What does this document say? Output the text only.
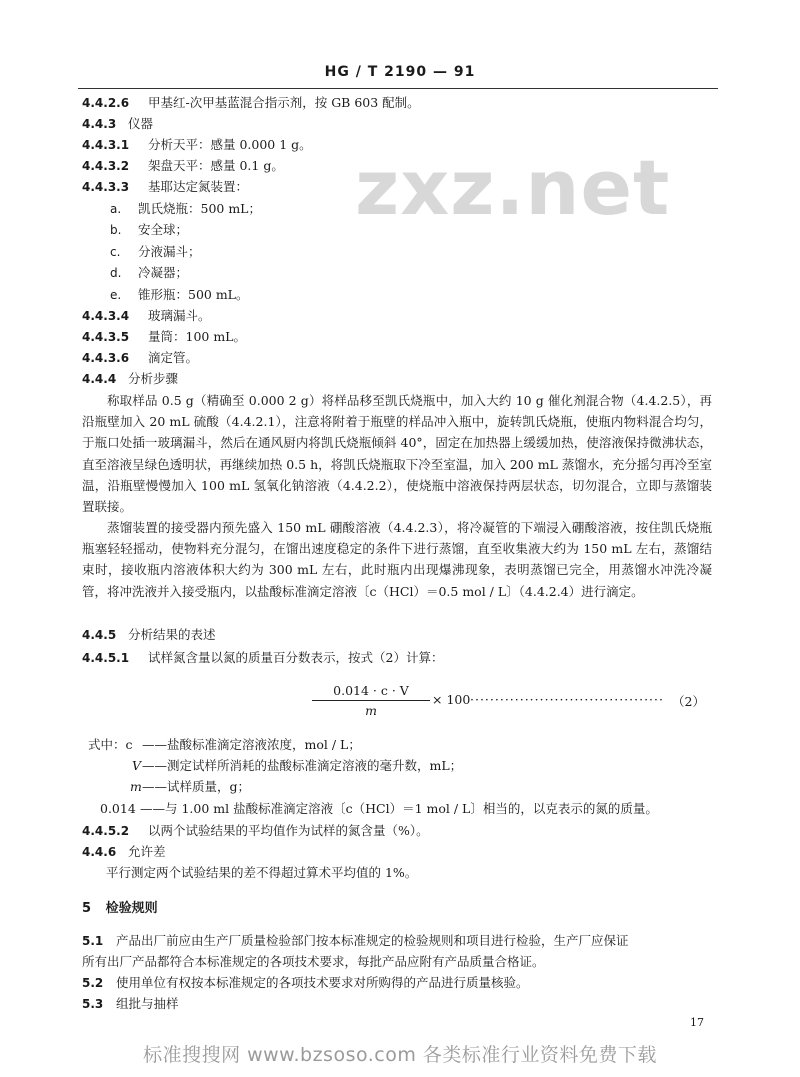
zxz.net
HG / T 2190 — 91
4.4.2.6 甲基红-次甲基蓝混合指示剂，按 GB 603 配制。
4.4.3 仪器
4.4.3.1 分析天平：感量 0.000 1 g。
4.4.3.2 架盘天平：感量 0.1 g。
4.4.3.3 基耶达定氮装置：
a. 凯氏烧瓶：500 mL；
b. 安全球；
c. 分液漏斗；
d. 冷凝器；
e. 锥形瓶：500 mL。
4.4.3.4 玻璃漏斗。
4.4.3.5 量筒：100 mL。
4.4.3.6 滴定管。
4.4.4 分析步骤
称取样品 0.5 g（精确至 0.000 2 g）将样品移至凯氏烧瓶中，加入大约 10 g 催化剂混合物（4.4.2.5），再沿瓶壁加入 20 mL 硫酸（4.4.2.1），注意将附着于瓶壁的样品冲入瓶中，旋转凯氏烧瓶，使瓶内物料混合均匀，于瓶口处插一玻璃漏斗，然后在通风厨内将凯氏烧瓶倾斜 40°，固定在加热器上缓缓加热，使溶液保持微沸状态，直至溶液呈绿色透明状，再继续加热 0.5 h，将凯氏烧瓶取下冷至室温，加入 200 mL 蒸馏水，充分摇匀再冷至室温，沿瓶壁慢慢加入 100 mL 氢氧化钠溶液（4.4.2.2），使烧瓶中溶液保持两层状态，切勿混合，立即与蒸馏装置联接。
蒸馏装置的接受器内预先盛入 150 mL 硼酸溶液（4.4.2.3），将冷凝管的下端浸入硼酸溶液，按住凯氏烧瓶瓶塞轻轻摇动，使物料充分混匀，在馏出速度稳定的条件下进行蒸馏，直至收集液大约为 150 mL 左右，蒸馏结束时，接收瓶内溶液体积大约为 300 mL 左右，此时瓶内出现爆沸现象，表明蒸馏已完全，用蒸馏水冲洗冷凝管，将冲洗液并入接受瓶内，以盐酸标准滴定溶液〔c（HCl）＝0.5 mol / L〕（4.4.2.4）进行滴定。
4.4.5 分析结果的表述
4.4.5.1 试样氮含量以氮的质量百分数表示，按式（2）计算：
$\frac{0.014 \cdot c \cdot V}{m} \times 100$ ······································· （2）
式中：c ——盐酸标准滴定溶液浓度，mol / L；
V ——测定试样所消耗的盐酸标准滴定溶液的毫升数，mL；
m ——试样质量，g；
0.014 ——与 1.00 ml 盐酸标准滴定溶液〔c（HCl）＝1 mol / L〕相当的，以克表示的氮的质量。
4.4.5.2 以两个试验结果的平均值作为试样的氮含量（%）。
4.4.6 允许差
平行测定两个试验结果的差不得超过算术平均值的 1%。
5 检验规则
5.1 产品出厂前应由生产厂质量检验部门按本标准规定的检验规则和项目进行检验，生产厂应保证
所有出厂产品都符合本标准规定的各项技术要求，每批产品应附有产品质量合格证。
5.2 使用单位有权按本标准规定的各项技术要求对所购得的产品进行质量核验。
5.3 组批与抽样
17
标准搜搜网 www.bzsoso.com 各类标准行业资料免费下载
